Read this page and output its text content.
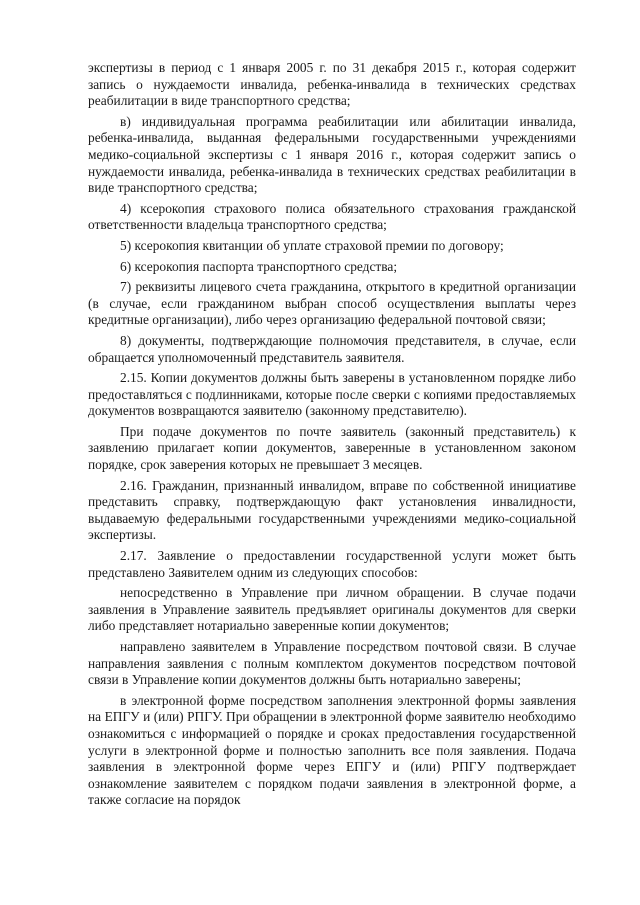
экспертизы в период с 1 января 2005 г. по 31 декабря 2015 г., которая содержит запись о нуждаемости инвалида, ребенка-инвалида в технических средствах реабилитации в виде транспортного средства;

в) индивидуальная программа реабилитации или абилитации инвалида, ребенка-инвалида, выданная федеральными государственными учреждениями медико-социальной экспертизы с 1 января 2016 г., которая содержит запись о нуждаемости инвалида, ребенка-инвалида в технических средствах реабилитации в виде транспортного средства;

4) ксерокопия страхового полиса обязательного страхования гражданской ответственности владельца транспортного средства;

5) ксерокопия квитанции об уплате страховой премии по договору;

6) ксерокопия паспорта транспортного средства;

7) реквизиты лицевого счета гражданина, открытого в кредитной организации (в случае, если гражданином выбран способ осуществления выплаты через кредитные организации), либо через организацию федеральной почтовой связи;

8) документы, подтверждающие полномочия представителя, в случае, если обращается уполномоченный представитель заявителя.

2.15. Копии документов должны быть заверены в установленном порядке либо предоставляться с подлинниками, которые после сверки с копиями предоставляемых документов возвращаются заявителю (законному представителю).

При подаче документов по почте заявитель (законный представитель) к заявлению прилагает копии документов, заверенные в установленном законом порядке, срок заверения которых не превышает 3 месяцев.

2.16. Гражданин, признанный инвалидом, вправе по собственной инициативе представить справку, подтверждающую факт установления инвалидности, выдаваемую федеральными государственными учреждениями медико-социальной экспертизы.

2.17. Заявление о предоставлении государственной услуги может быть представлено Заявителем одним из следующих способов:

непосредственно в Управление при личном обращении. В случае подачи заявления в Управление заявитель предъявляет оригиналы документов для сверки либо представляет нотариально заверенные копии документов;

направлено заявителем в Управление посредством почтовой связи. В случае направления заявления с полным комплектом документов посредством почтовой связи в Управление копии документов должны быть нотариально заверены;

в электронной форме посредством заполнения электронной формы заявления на ЕПГУ и (или) РПГУ. При обращении в электронной форме заявителю необходимо ознакомиться с информацией о порядке и сроках предоставления государственной услуги в электронной форме и полностью заполнить все поля заявления. Подача заявления в электронной форме через ЕПГУ и (или) РПГУ подтверждает ознакомление заявителем с порядком подачи заявления в электронной форме, а также согласие на порядок
